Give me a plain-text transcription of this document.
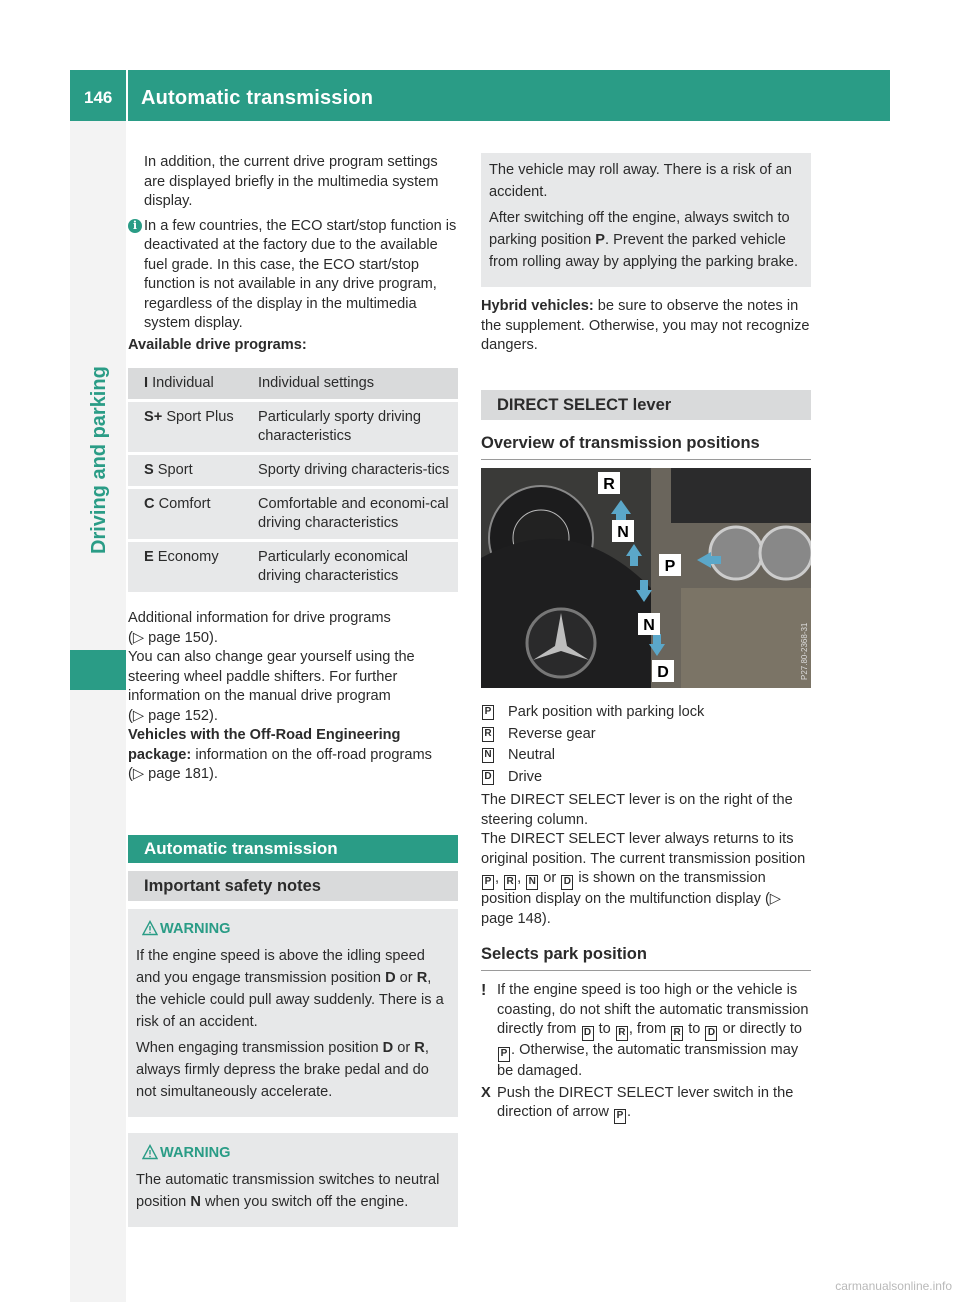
146 Automatic transmission
Driving and parking

In addition, the current drive program settings are displayed briefly in the multimedia system display.

i In a few countries, the ECO start/stop function is deactivated at the factory due to the available fuel grade. In this case, the ECO start/stop function is not available in any drive program, regardless of the display in the multimedia system display.

Available drive programs:

I Individual	Individual settings
S+ Sport Plus	Particularly sporty driving characteristics
S Sport	Sporty driving characteris-tics
C Comfort	Comfortable and economi-cal driving characteristics
E Economy	Particularly economical driving characteristics

Additional information for drive programs
(▷ page 150).

You can also change gear yourself using the steering wheel paddle shifters. For further information on the manual drive program
(▷ page 152).

Vehicles with the Off-Road Engineering package: information on the off-road programs
(▷ page 181).

Automatic transmission
Important safety notes
WARNING

If the engine speed is above the idling speed and you engage transmission position D or R, the vehicle could pull away suddenly. There is a risk of an accident.

When engaging transmission position D or R, always firmly depress the brake pedal and do not simultaneously accelerate.

WARNING

The automatic transmission switches to neutral position N when you switch off the engine.

The vehicle may roll away. There is a risk of an accident.

After switching off the engine, always switch to parking position P. Prevent the parked vehicle from rolling away by applying the parking brake.

Hybrid vehicles: be sure to observe the notes in the supplement. Otherwise, you may not recognize dangers.

DIRECT SELECT lever
Overview of transmission positions
R
N
P
N
D	P27.80-2368-31
P Park position with parking lock
R Reverse gear
N Neutral
D Drive

The DIRECT SELECT lever is on the right of the steering column.

The DIRECT SELECT lever always returns to its original position. The current transmission position P , R , N or D is shown on the transmission position display on the multifunction display (▷ page 148).

Selects park position
! If the engine speed is too high or the vehicle is coasting, do not shift the automatic transmission directly from D to R , from R to D or directly to P . Otherwise, the automatic transmission may be damaged.
X Push the DIRECT SELECT lever switch in the direction of arrow P .
carmanualsonline.info
